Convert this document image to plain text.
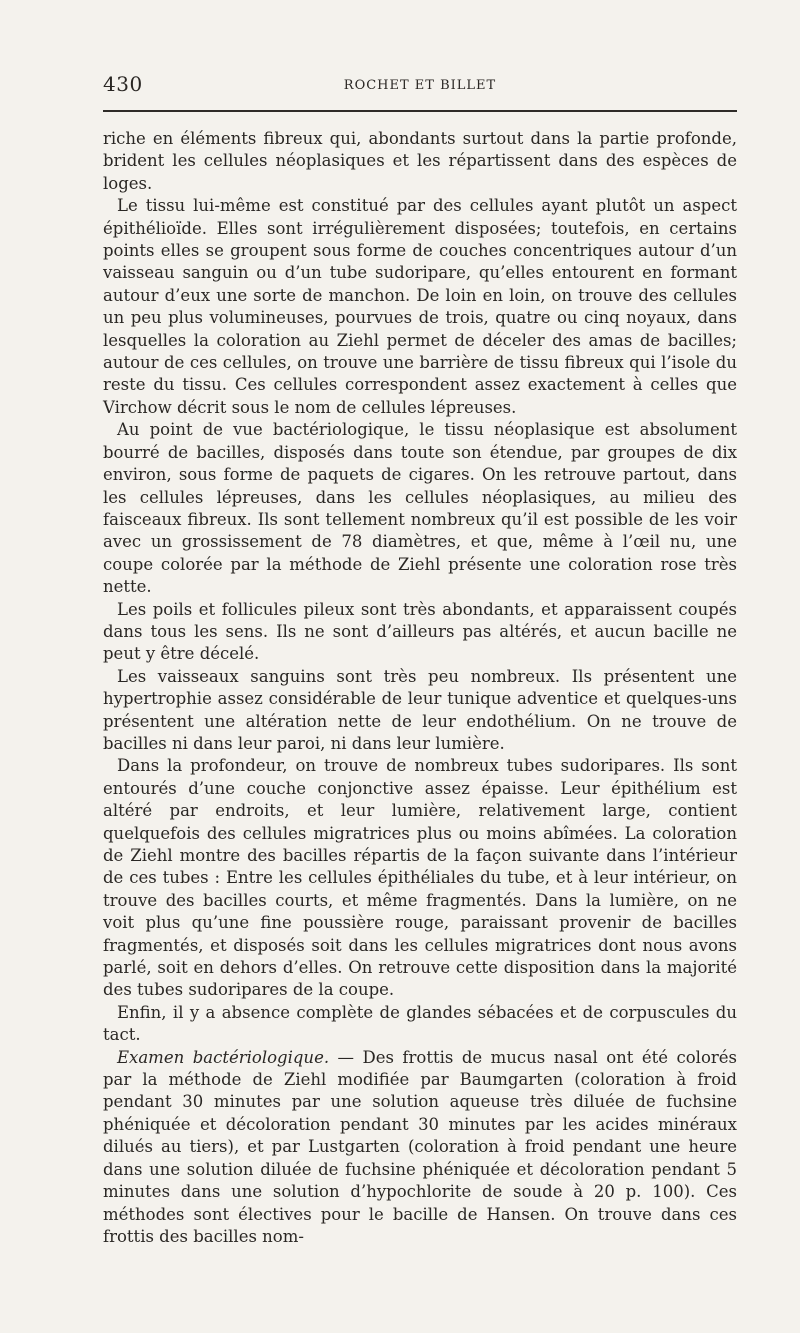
430	ROCHET ET BILLET

riche en éléments fibreux qui, abondants surtout dans la partie profonde, brident les cellules néoplasiques et les répartissent dans des espèces de loges.

Le tissu lui-même est constitué par des cellules ayant plutôt un aspect épithélioïde. Elles sont irrégulièrement disposées; toutefois, en certains points elles se groupent sous forme de couches concentriques autour d’un vaisseau sanguin ou d’un tube sudoripare, qu’elles entourent en formant autour d’eux une sorte de manchon. De loin en loin, on trouve des cellules un peu plus volumineuses, pourvues de trois, quatre ou cinq noyaux, dans lesquelles la coloration au Ziehl permet de déceler des amas de bacilles; autour de ces cellules, on trouve une barrière de tissu fibreux qui l’isole du reste du tissu. Ces cellules correspondent assez exactement à celles que Virchow décrit sous le nom de cellules lépreuses.

Au point de vue bactériologique, le tissu néoplasique est absolument bourré de bacilles, disposés dans toute son étendue, par groupes de dix environ, sous forme de paquets de cigares. On les retrouve partout, dans les cellules lépreuses, dans les cellules néoplasiques, au milieu des faisceaux fibreux. Ils sont tellement nombreux qu’il est possible de les voir avec un grossissement de 78 diamètres, et que, même à l’œil nu, une coupe colorée par la méthode de Ziehl présente une coloration rose très nette.

Les poils et follicules pileux sont très abondants, et apparaissent coupés dans tous les sens. Ils ne sont d’ailleurs pas altérés, et aucun bacille ne peut y être décelé.

Les vaisseaux sanguins sont très peu nombreux. Ils présentent une hypertrophie assez considérable de leur tunique adventice et quelques-uns présentent une altération nette de leur endothélium. On ne trouve de bacilles ni dans leur paroi, ni dans leur lumière.

Dans la profondeur, on trouve de nombreux tubes sudoripares. Ils sont entourés d’une couche conjonctive assez épaisse. Leur épithélium est altéré par endroits, et leur lumière, relativement large, contient quelquefois des cellules migratrices plus ou moins abîmées. La coloration de Ziehl montre des bacilles répartis de la façon suivante dans l’intérieur de ces tubes : Entre les cellules épithéliales du tube, et à leur intérieur, on trouve des bacilles courts, et même fragmentés. Dans la lumière, on ne voit plus qu’une fine poussière rouge, paraissant provenir de bacilles fragmentés, et disposés soit dans les cellules migratrices dont nous avons parlé, soit en dehors d’elles. On retrouve cette disposition dans la majorité des tubes sudoripares de la coupe.

Enfin, il y a absence complète de glandes sébacées et de corpuscules du tact.

Examen bactériologique. — Des frottis de mucus nasal ont été colorés par la méthode de Ziehl modifiée par Baumgarten (coloration à froid pendant 30 minutes par une solution aqueuse très diluée de fuchsine phéniquée et décoloration pendant 30 minutes par les acides minéraux dilués au tiers), et par Lustgarten (coloration à froid pendant une heure dans une solution diluée de fuchsine phéniquée et décoloration pendant 5 minutes dans une solution d’hypochlorite de soude à 20 p. 100). Ces méthodes sont électives pour le bacille de Hansen. On trouve dans ces frottis des bacilles nom-
